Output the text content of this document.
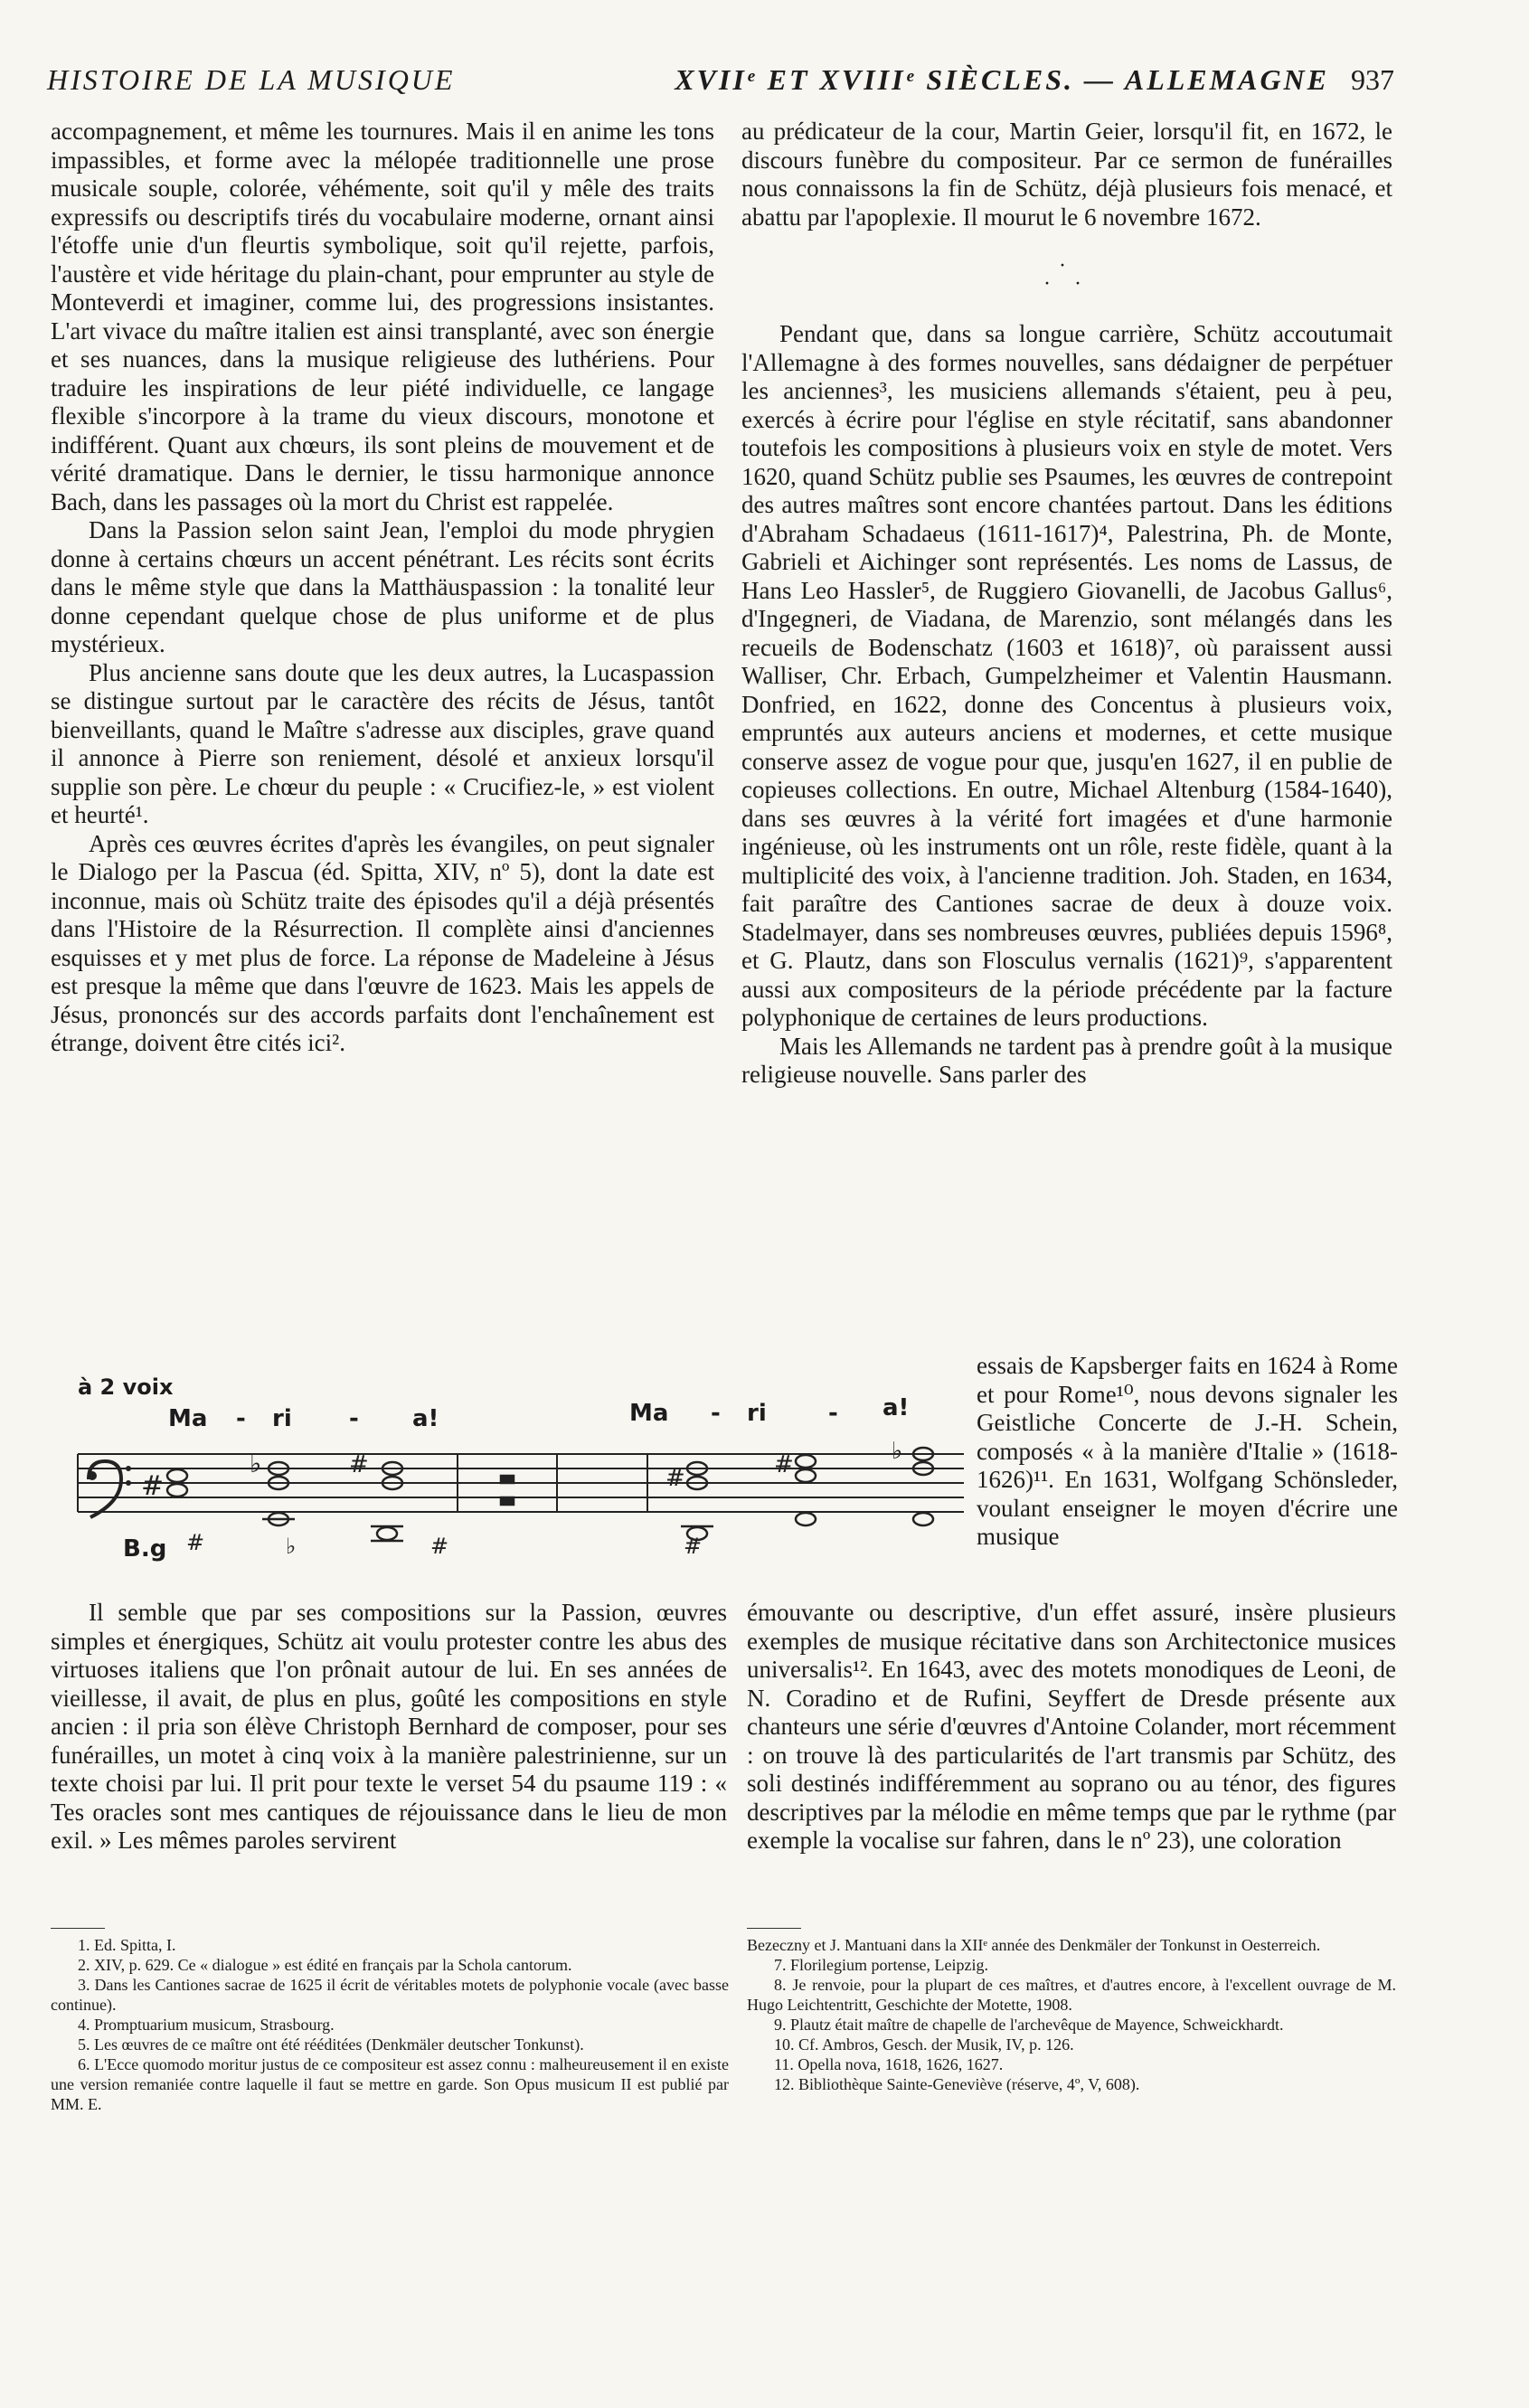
HISTOIRE DE LA MUSIQUE	XVIIᵉ ET XVIIIᵉ SIÈCLES. — ALLEMAGNE 937

accompagnement, et même les tournures. Mais il en anime les tons impassibles, et forme avec la mélopée traditionnelle une prose musicale souple, colorée, véhémente, soit qu'il y mêle des traits expressifs ou descriptifs tirés du vocabulaire moderne, ornant ainsi l'étoffe unie d'un fleurtis symbolique, soit qu'il rejette, parfois, l'austère et vide héritage du plain-chant, pour emprunter au style de Monteverdi et imaginer, comme lui, des progressions insistantes. L'art vivace du maître italien est ainsi transplanté, avec son énergie et ses nuances, dans la musique religieuse des luthériens. Pour traduire les inspirations de leur piété individuelle, ce langage flexible s'incorpore à la trame du vieux discours, monotone et indifférent. Quant aux chœurs, ils sont pleins de mouvement et de vérité dramatique. Dans le dernier, le tissu harmonique annonce Bach, dans les passages où la mort du Christ est rappelée.

Dans la Passion selon saint Jean, l'emploi du mode phrygien donne à certains chœurs un accent pénétrant. Les récits sont écrits dans le même style que dans la Matthäuspassion : la tonalité leur donne cependant quelque chose de plus uniforme et de plus mystérieux.

Plus ancienne sans doute que les deux autres, la Lucaspassion se distingue surtout par le caractère des récits de Jésus, tantôt bienveillants, quand le Maître s'adresse aux disciples, grave quand il annonce à Pierre son reniement, désolé et anxieux lorsqu'il supplie son père. Le chœur du peuple : « Crucifiez-le, » est violent et heurté¹.

Après ces œuvres écrites d'après les évangiles, on peut signaler le Dialogo per la Pascua (éd. Spitta, XIV, nº 5), dont la date est inconnue, mais où Schütz traite des épisodes qu'il a déjà présentés dans l'Histoire de la Résurrection. Il complète ainsi d'anciennes esquisses et y met plus de force. La réponse de Madeleine à Jésus est presque la même que dans l'œuvre de 1623. Mais les appels de Jésus, prononcés sur des accords parfaits dont l'enchaînement est étrange, doivent être cités ici².

au prédicateur de la cour, Martin Geier, lorsqu'il fit, en 1672, le discours funèbre du compositeur. Par ce sermon de funérailles nous connaissons la fin de Schütz, déjà plusieurs fois menacé, et abattu par l'apoplexie. Il mourut le 6 novembre 1672.

·
· ·

Pendant que, dans sa longue carrière, Schütz accoutumait l'Allemagne à des formes nouvelles, sans dédaigner de perpétuer les anciennes³, les musiciens allemands s'étaient, peu à peu, exercés à écrire pour l'église en style récitatif, sans abandonner toutefois les compositions à plusieurs voix en style de motet. Vers 1620, quand Schütz publie ses Psaumes, les œuvres de contrepoint des autres maîtres sont encore chantées partout. Dans les éditions d'Abraham Schadaeus (1611-1617)⁴, Palestrina, Ph. de Monte, Gabrieli et Aichinger sont représentés. Les noms de Lassus, de Hans Leo Hassler⁵, de Ruggiero Giovanelli, de Jacobus Gallus⁶, d'Ingegneri, de Viadana, de Marenzio, sont mélangés dans les recueils de Bodenschatz (1603 et 1618)⁷, où paraissent aussi Walliser, Chr. Erbach, Gumpelzheimer et Valentin Hausmann. Donfried, en 1622, donne des Concentus à plusieurs voix, empruntés aux auteurs anciens et modernes, et cette musique conserve assez de vogue pour que, jusqu'en 1627, il en publie de copieuses collections. En outre, Michael Altenburg (1584-1640), dans ses œuvres à la vérité fort imagées et d'une harmonie ingénieuse, où les instruments ont un rôle, reste fidèle, quant à la multiplicité des voix, à l'ancienne tradition. Joh. Staden, en 1634, fait paraître des Cantiones sacrae de deux à douze voix. Stadelmayer, dans ses nombreuses œuvres, publiées depuis 1596⁸, et G. Plautz, dans son Flosculus vernalis (1621)⁹, s'apparentent aussi aux compositeurs de la période précédente par la facture polyphonique de certaines de leurs productions.

Mais les Allemands ne tardent pas à prendre goût à la musique religieuse nouvelle. Sans parler des

essais de Kapsberger faits en 1624 à Rome et pour Rome¹⁰, nous devons signaler les Geistliche Concerte de J.-H. Schein, composés « à la manière d'Italie » (1618-1626)¹¹. En 1631, Wolfgang Schönsleder, voulant enseigner le moyen d'écrire une musique

à 2 voix
Ma - ri - a!	Ma - ri	- a!
B.g
#
♭	#	#	#	♭
#	♭	#	#

Il semble que par ses compositions sur la Passion, œuvres simples et énergiques, Schütz ait voulu protester contre les abus des virtuoses italiens que l'on prônait autour de lui. En ses années de vieillesse, il avait, de plus en plus, goûté les compositions en style ancien : il pria son élève Christoph Bernhard de composer, pour ses funérailles, un motet à cinq voix à la manière palestrinienne, sur un texte choisi par lui. Il prit pour texte le verset 54 du psaume 119 : « Tes oracles sont mes cantiques de réjouissance dans le lieu de mon exil. » Les mêmes paroles servirent

émouvante ou descriptive, d'un effet assuré, insère plusieurs exemples de musique récitative dans son Architectonice musices universalis¹². En 1643, avec des motets monodiques de Leoni, de N. Coradino et de Rufini, Seyffert de Dresde présente aux chanteurs une série d'œuvres d'Antoine Colander, mort récemment : on trouve là des particularités de l'art transmis par Schütz, des soli destinés indifféremment au soprano ou au ténor, des figures descriptives par la mélodie en même temps que par le rythme (par exemple la vocalise sur fahren, dans le nº 23), une coloration

1. Ed. Spitta, I.

2. XIV, p. 629. Ce « dialogue » est édité en français par la Schola cantorum.

3. Dans les Cantiones sacrae de 1625 il écrit de véritables motets de polyphonie vocale (avec basse continue).

4. Promptuarium musicum, Strasbourg.

5. Les œuvres de ce maître ont été rééditées (Denkmäler deutscher Tonkunst).

6. L'Ecce quomodo moritur justus de ce compositeur est assez connu : malheureusement il en existe une version remaniée contre laquelle il faut se mettre en garde. Son Opus musicum II est publié par MM. E.

Bezeczny et J. Mantuani dans la XIIᵉ année des Denkmäler der Tonkunst in Oesterreich.

7. Florilegium portense, Leipzig.

8. Je renvoie, pour la plupart de ces maîtres, et d'autres encore, à l'excellent ouvrage de M. Hugo Leichtentritt, Geschichte der Motette, 1908.

9. Plautz était maître de chapelle de l'archevêque de Mayence, Schweickhardt.

10. Cf. Ambros, Gesch. der Musik, IV, p. 126.

11. Opella nova, 1618, 1626, 1627.

12. Bibliothèque Sainte-Geneviève (réserve, 4º, V, 608).
